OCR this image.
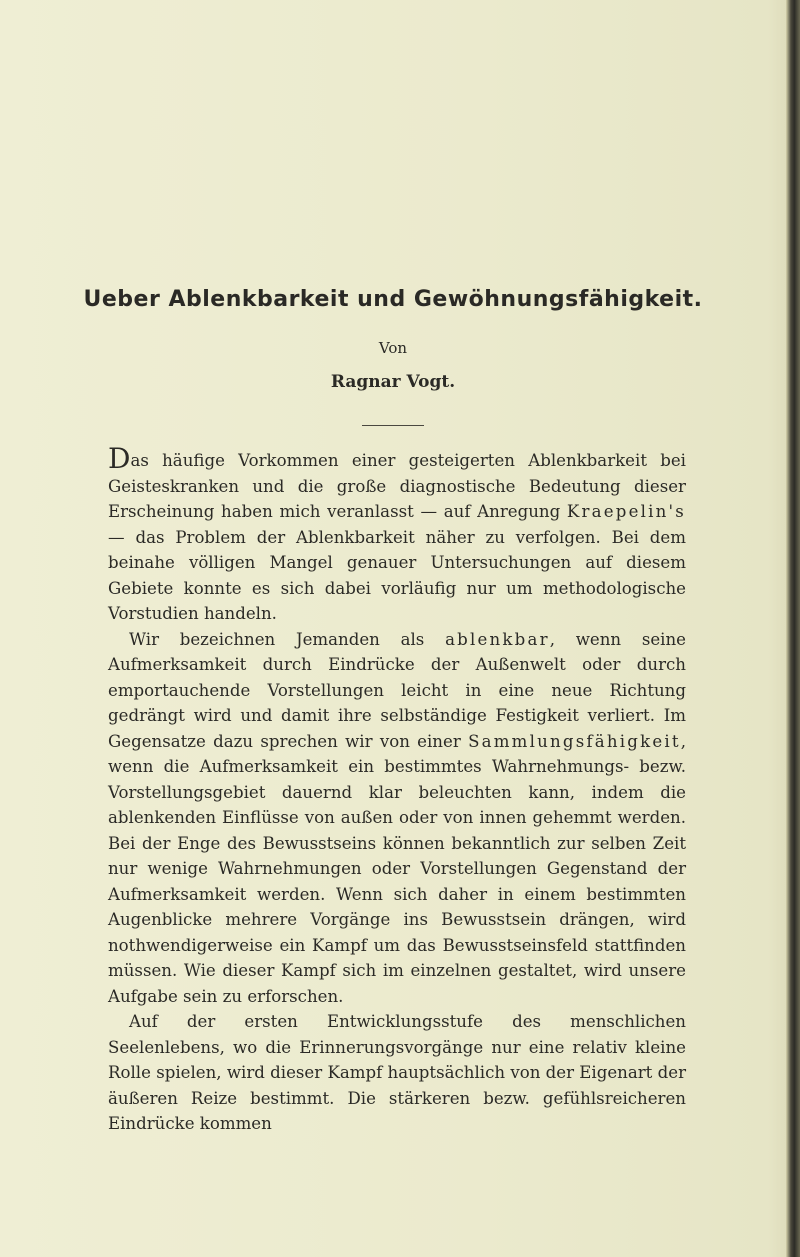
Ueber Ablenkbarkeit und Gewöhnungsfähigkeit.

Von

Ragnar Vogt.

Das häufige Vorkommen einer gesteigerten Ablenkbarkeit bei Geisteskranken und die große diagnostische Bedeutung dieser Erscheinung haben mich veranlasst — auf Anregung Kraepelin's — das Problem der Ablenkbarkeit näher zu verfolgen. Bei dem beinahe völligen Mangel genauer Untersuchungen auf diesem Gebiete konnte es sich dabei vorläufig nur um methodologische Vorstudien handeln.

Wir bezeichnen Jemanden als ablenkbar, wenn seine Aufmerksamkeit durch Eindrücke der Außenwelt oder durch emportauchende Vorstellungen leicht in eine neue Richtung gedrängt wird und damit ihre selbständige Festigkeit verliert. Im Gegensatze dazu sprechen wir von einer Sammlungsfähigkeit, wenn die Aufmerksamkeit ein bestimmtes Wahrnehmungs- bezw. Vorstellungsgebiet dauernd klar beleuchten kann, indem die ablenkenden Einflüsse von außen oder von innen gehemmt werden. Bei der Enge des Bewusstseins können bekanntlich zur selben Zeit nur wenige Wahrnehmungen oder Vorstellungen Gegenstand der Aufmerksamkeit werden. Wenn sich daher in einem bestimmten Augenblicke mehrere Vorgänge ins Bewusstsein drängen, wird nothwendigerweise ein Kampf um das Bewusstseinsfeld stattfinden müssen. Wie dieser Kampf sich im einzelnen gestaltet, wird unsere Aufgabe sein zu erforschen.

Auf der ersten Entwicklungsstufe des menschlichen Seelenlebens, wo die Erinnerungsvorgänge nur eine relativ kleine Rolle spielen, wird dieser Kampf hauptsächlich von der Eigenart der äußeren Reize bestimmt. Die stärkeren bezw. gefühlsreicheren Eindrücke kommen
